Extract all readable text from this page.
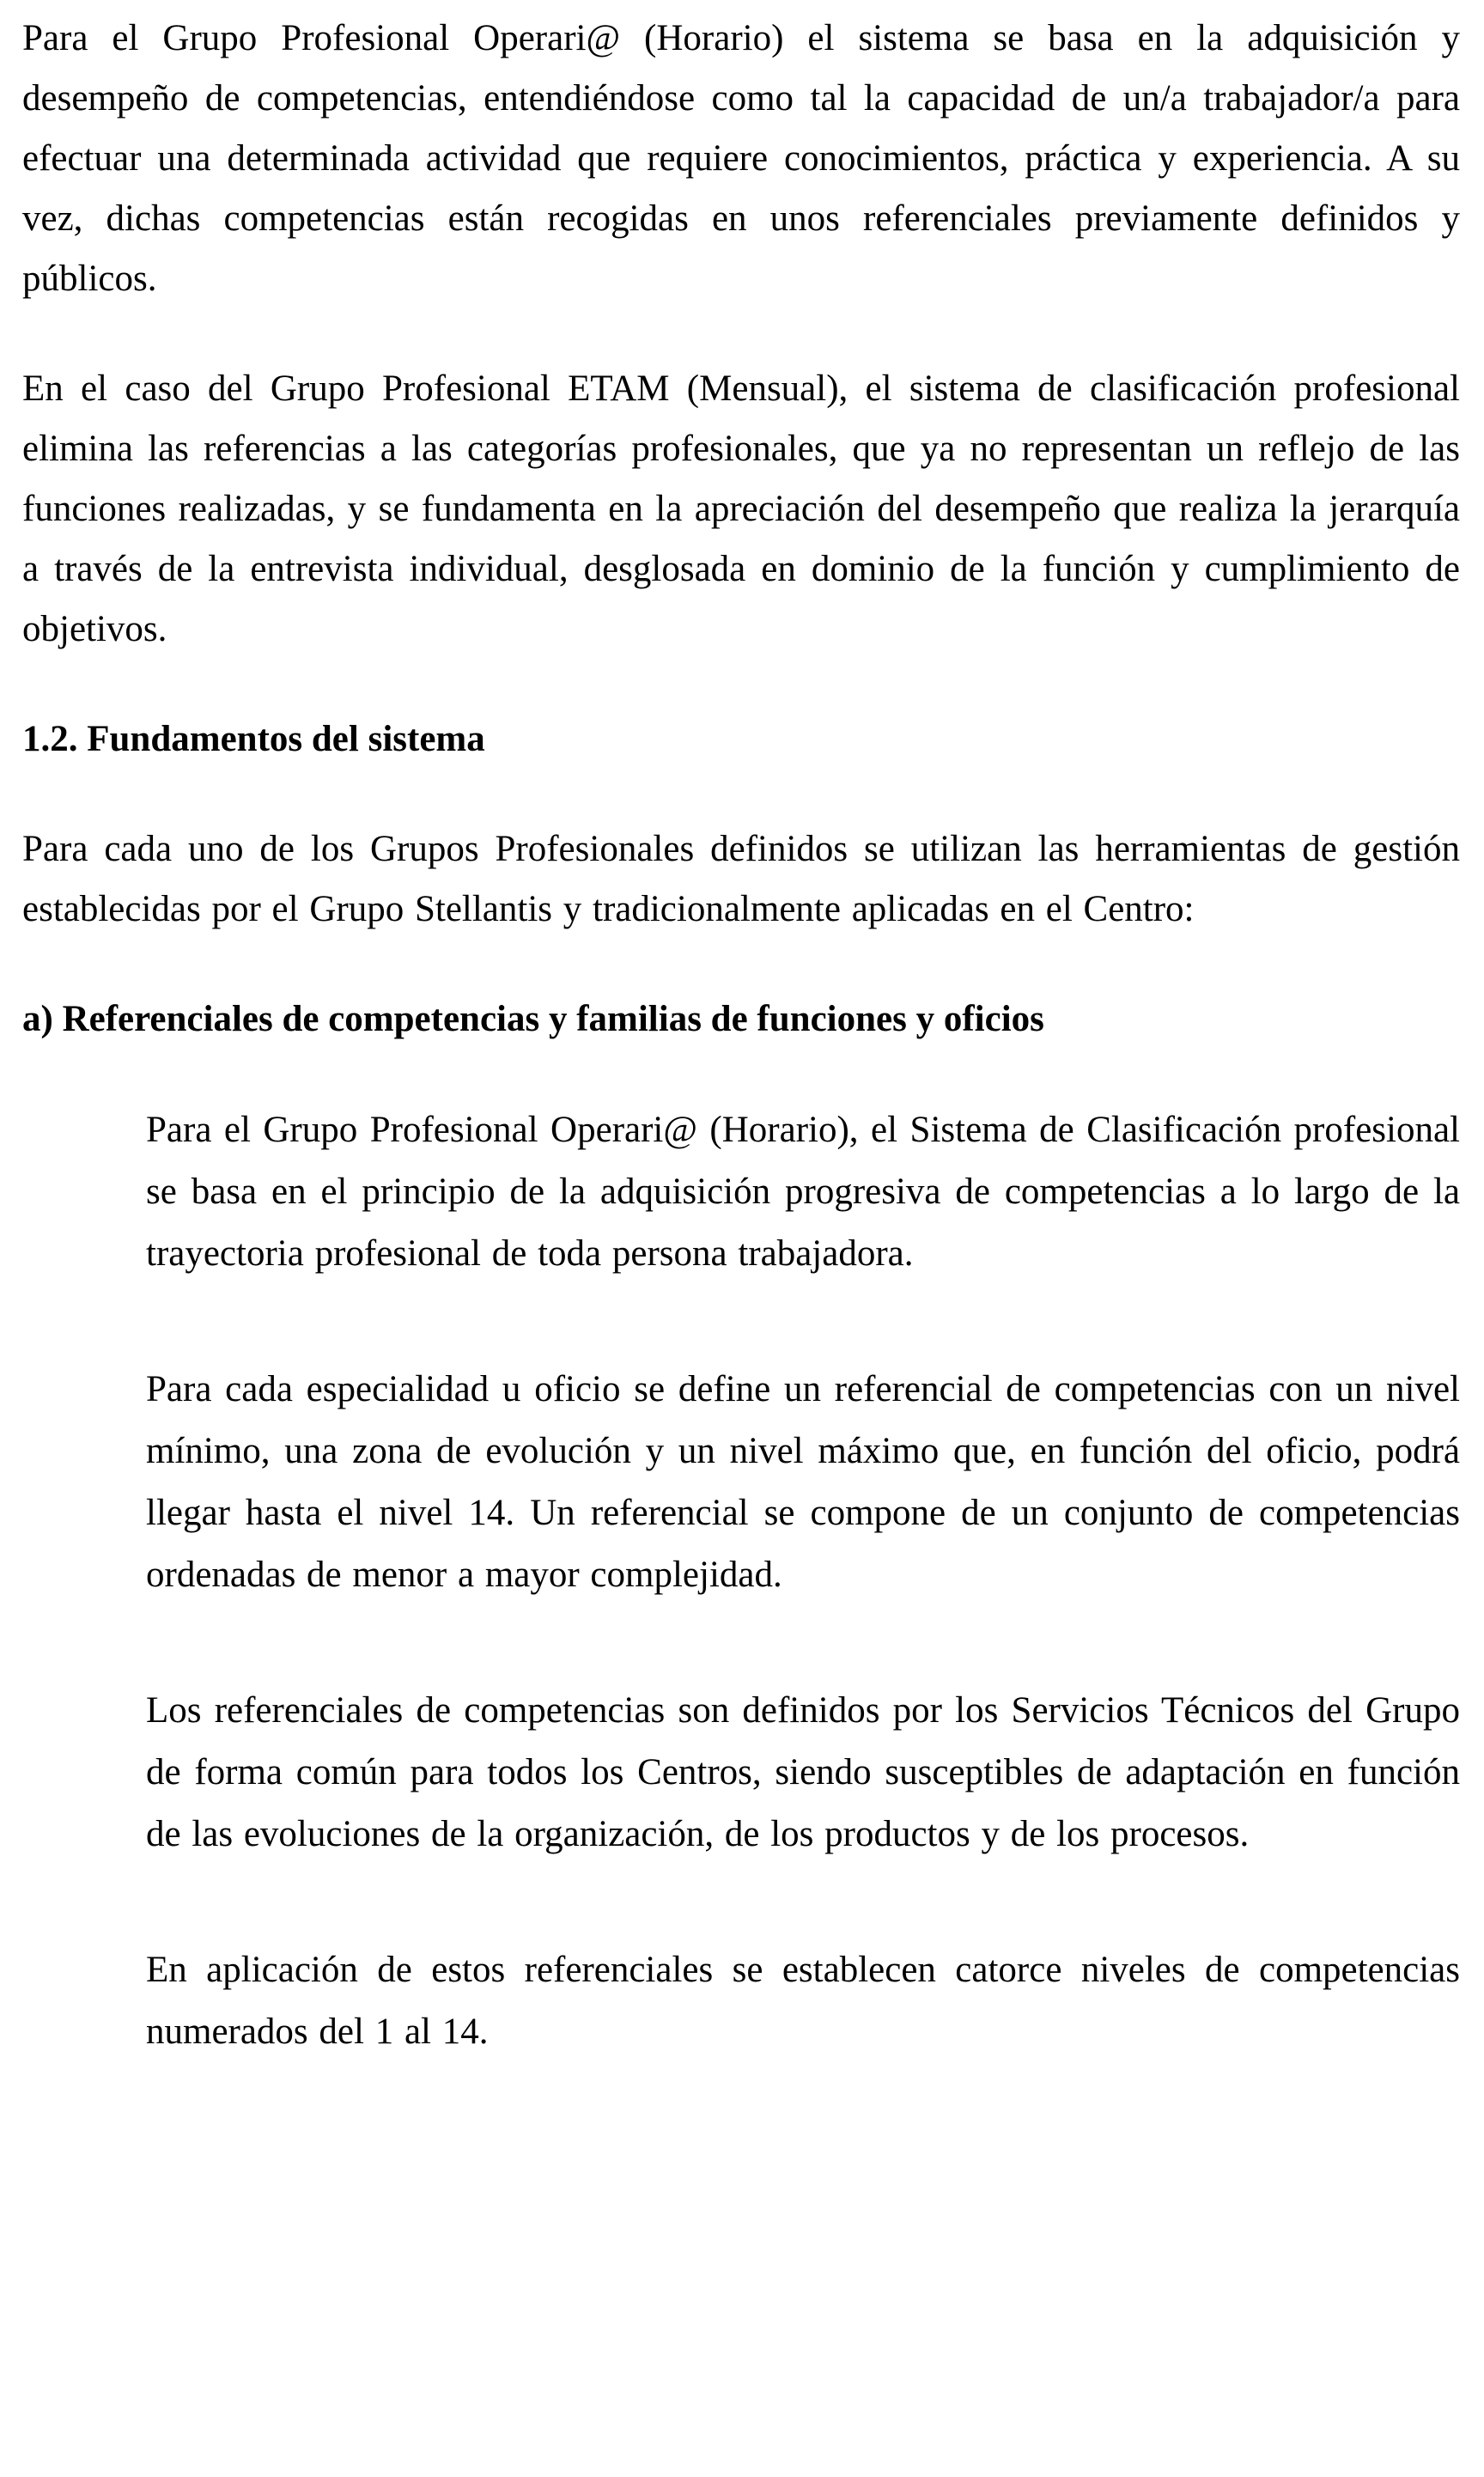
Para el Grupo Profesional Operari@ (Horario) el sistema se basa en la adquisición y desempeño de competencias, entendiéndose como tal la capacidad de un/a trabajador/a para efectuar una determinada actividad que requiere conocimientos, práctica y experiencia. A su vez, dichas competencias están recogidas en unos referenciales previamente definidos y públicos.

En el caso del Grupo Profesional ETAM (Mensual), el sistema de clasificación profesional elimina las referencias a las categorías profesionales, que ya no representan un reflejo de las funciones realizadas, y se fundamenta en la apreciación del desempeño que realiza la jerarquía a través de la entrevista individual, desglosada en dominio de la función y cumplimiento de objetivos.

1.2. Fundamentos del sistema

Para cada uno de los Grupos Profesionales definidos se utilizan las herramientas de gestión establecidas por el Grupo Stellantis y tradicionalmente aplicadas en el Centro:

a) Referenciales de competencias y familias de funciones y oficios

Para el Grupo Profesional Operari@ (Horario), el Sistema de Clasificación profesional se basa en el principio de la adquisición progresiva de competencias a lo largo de la trayectoria profesional de toda persona trabajadora.

Para cada especialidad u oficio se define un referencial de competencias con un nivel mínimo, una zona de evolución y un nivel máximo que, en función del oficio, podrá llegar hasta el nivel 14. Un referencial se compone de un conjunto de competencias ordenadas de menor a mayor complejidad.

Los referenciales de competencias son definidos por los Servicios Técnicos del Grupo de forma común para todos los Centros, siendo susceptibles de adaptación en función de las evoluciones de la organización, de los productos y de los procesos.

En aplicación de estos referenciales se establecen catorce niveles de competencias numerados del 1 al 14.
